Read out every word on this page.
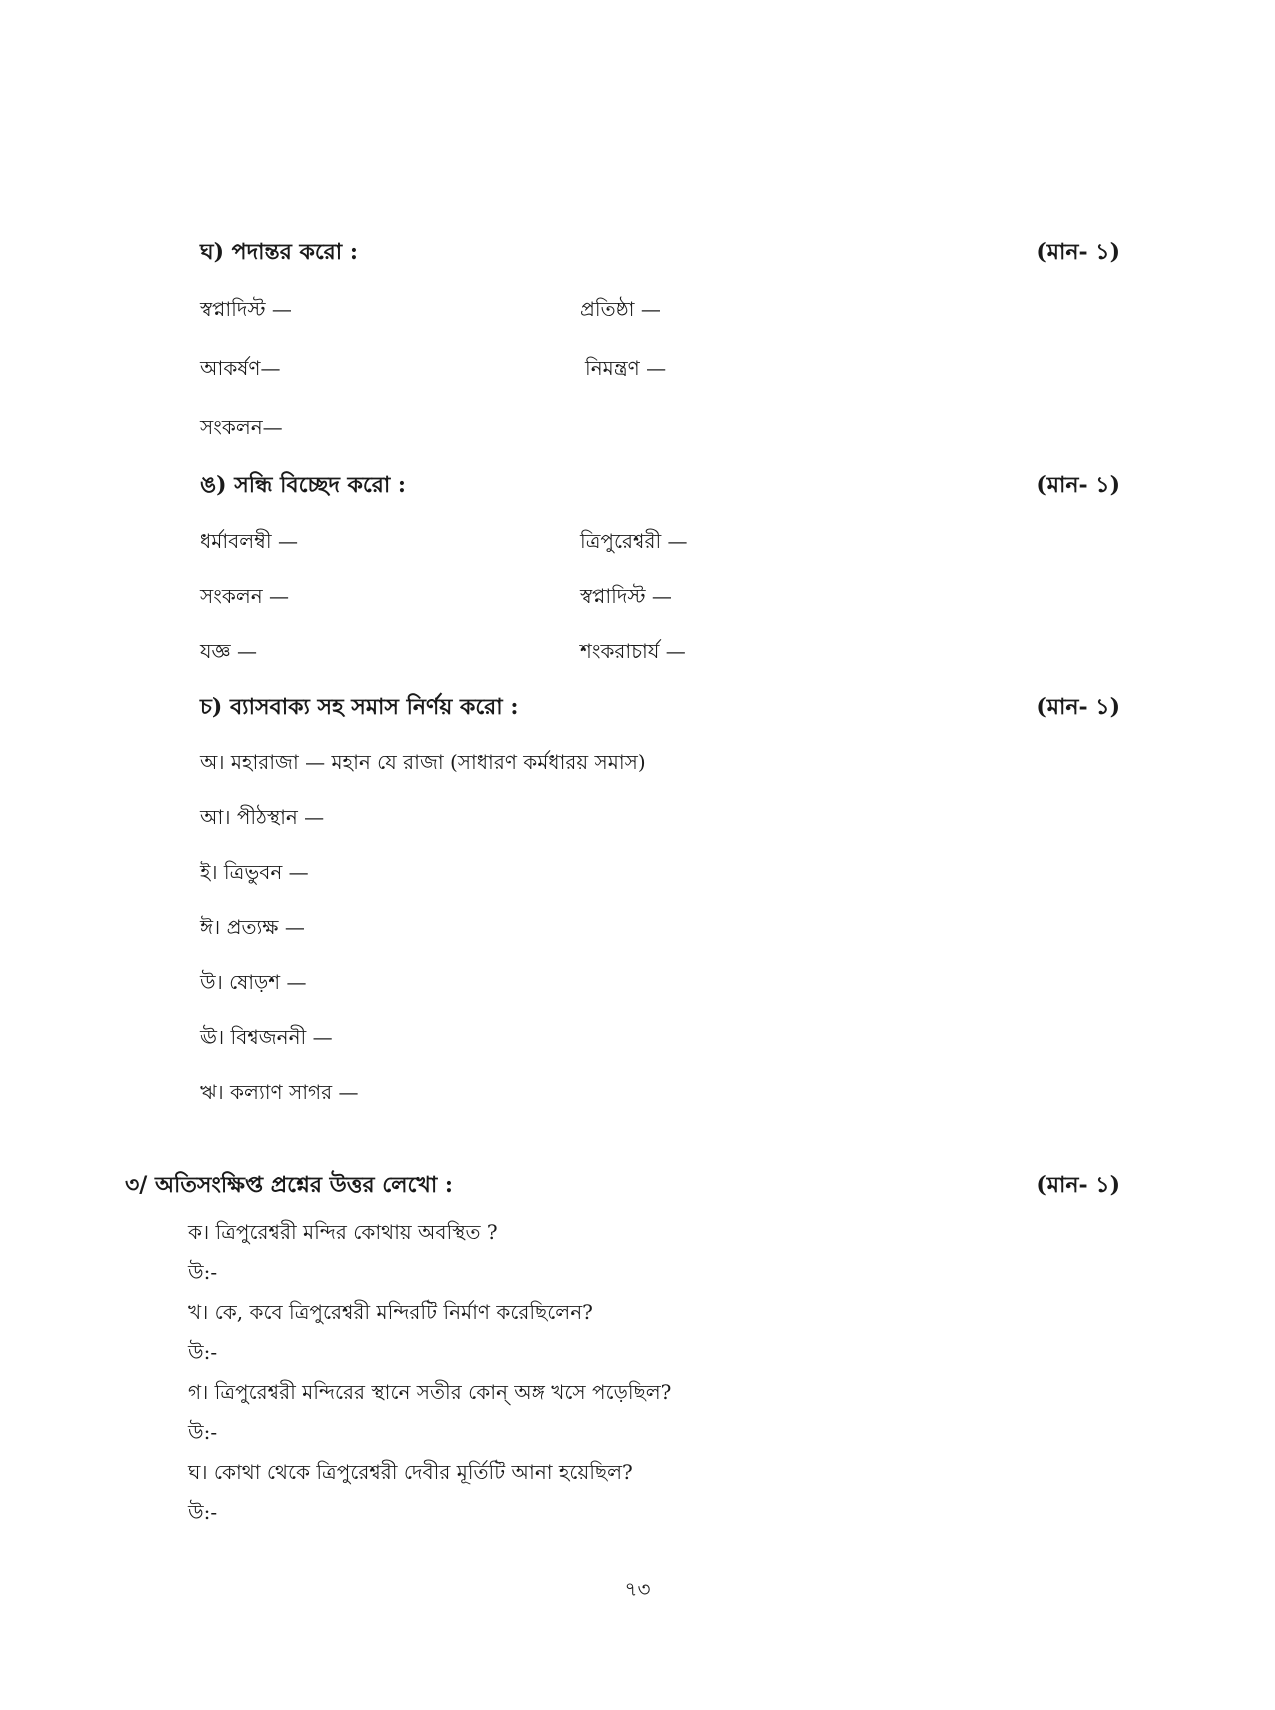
ঘ) পদান্তর করো :	(মান- ১)
স্বপ্নাদিস্ট —	প্রতিষ্ঠা —
আকর্ষণ—	নিমন্ত্রণ —
সংকলন—
ঙ) সন্ধি বিচ্ছেদ করো :	(মান- ১)
ধর্মাবলম্বী —	ত্রিপুরেশ্বরী —
সংকলন —	স্বপ্নাদিস্ট —
যজ্ঞ —	শংকরাচার্য —
চ) ব্যাসবাক্য সহ সমাস নির্ণয় করো :	(মান- ১)
অ। মহারাজা — মহান যে রাজা (সাধারণ কর্মধারয় সমাস)
আ। পীঠস্থান —
ই। ত্রিভুবন —
ঈ। প্রত্যক্ষ —
উ। ষোড়শ —
ঊ। বিশ্বজননী —
ঋ। কল্যাণ সাগর —
৩/ অতিসংক্ষিপ্ত প্রশ্নের উত্তর লেখো :	(মান- ১)
ক। ত্রিপুরেশ্বরী মন্দির কোথায় অবস্থিত ?
উ:-
খ। কে, কবে ত্রিপুরেশ্বরী মন্দিরটি নির্মাণ করেছিলেন?
উ:-
গ। ত্রিপুরেশ্বরী মন্দিরের স্থানে সতীর কোন্ অঙ্গ খসে পড়েছিল?
উ:-
ঘ। কোথা থেকে ত্রিপুরেশ্বরী দেবীর মূর্তিটি আনা হয়েছিল?
উ:-
৭৩
